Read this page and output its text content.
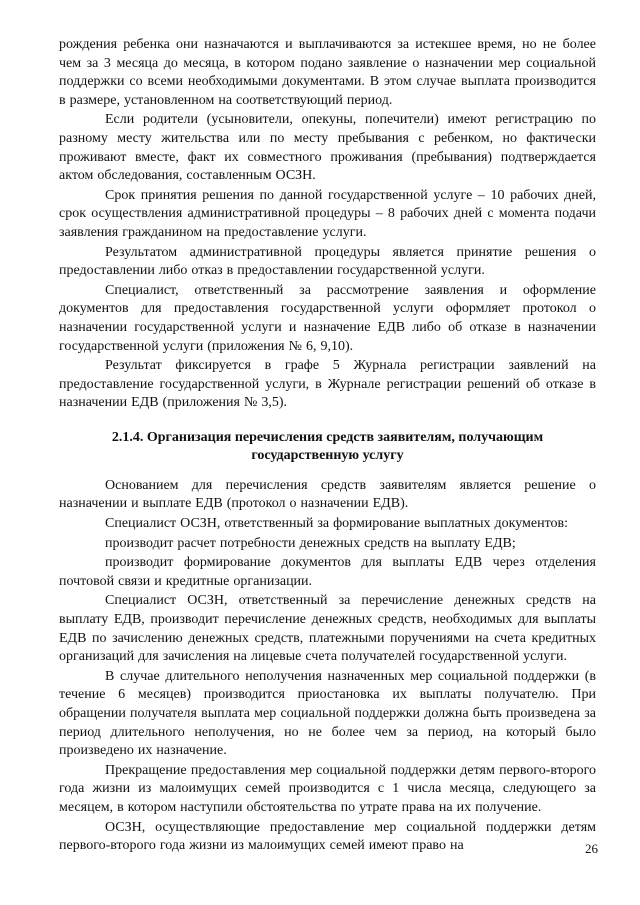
рождения ребенка они назначаются и выплачиваются за истекшее время, но не более чем за 3 месяца до месяца, в котором подано заявление о назначении мер социальной поддержки со всеми необходимыми документами. В этом случае выплата производится в размере, установленном на соответствующий период.

Если родители (усыновители, опекуны, попечители) имеют регистрацию по разному месту жительства или по месту пребывания с ребенком, но фактически проживают вместе, факт их совместного проживания (пребывания) подтверждается актом обследования, составленным ОСЗН.

Срок принятия решения по данной государственной услуге – 10 рабочих дней, срок осуществления административной процедуры – 8 рабочих дней с момента подачи заявления гражданином на предоставление услуги.

Результатом административной процедуры является принятие решения о предоставлении либо отказ в предоставлении государственной услуги.

Специалист, ответственный за рассмотрение заявления и оформление документов для предоставления государственной услуги оформляет протокол о назначении государственной услуги и назначение ЕДВ либо об отказе в назначении государственной услуги (приложения № 6, 9,10).

Результат фиксируется в графе 5 Журнала регистрации заявлений на предоставление государственной услуги, в Журнале регистрации решений об отказе в назначении ЕДВ (приложения № 3,5).

2.1.4. Организация перечисления средств заявителям, получающим государственную услугу

Основанием для перечисления средств заявителям является решение о назначении и выплате ЕДВ (протокол о назначении ЕДВ).

Специалист ОСЗН, ответственный за формирование выплатных документов:

производит расчет потребности денежных средств на выплату ЕДВ;

производит формирование документов для выплаты ЕДВ через отделения почтовой связи и кредитные организации.

Специалист ОСЗН, ответственный за перечисление денежных средств на выплату ЕДВ, производит перечисление денежных средств, необходимых для выплаты ЕДВ по зачислению денежных средств, платежными поручениями на счета кредитных организаций для зачисления на лицевые счета получателей государственной услуги.

В случае длительного неполучения назначенных мер социальной поддержки (в течение 6 месяцев) производится приостановка их выплаты получателю. При обращении получателя выплата мер социальной поддержки должна быть произведена за период длительного неполучения, но не более чем за период, на который было произведено их назначение.

Прекращение предоставления мер социальной поддержки детям первого-второго года жизни из малоимущих семей производится с 1 числа месяца, следующего за месяцем, в котором наступили обстоятельства по утрате права на их получение.

ОСЗН, осуществляющие предоставление мер социальной поддержки детям первого-второго года жизни из малоимущих семей имеют право на	26
